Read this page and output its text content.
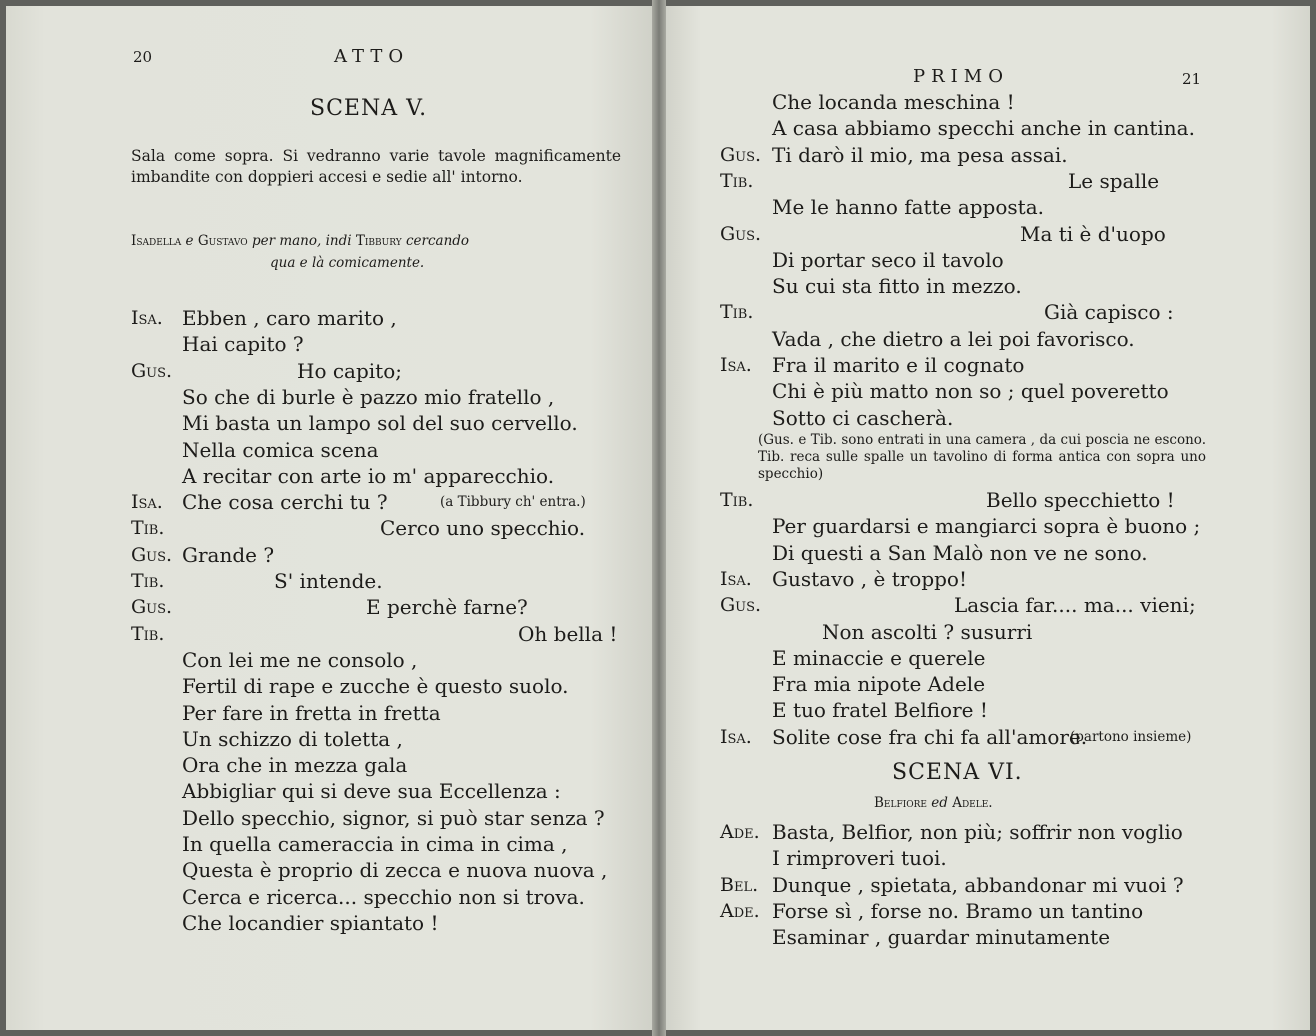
20	ATTO
SCENA V.
Sala come sopra. Si vedranno varie tavole magnificamente imbandite con doppieri accesi e sedie all' intorno.
Isadella e Gustavo per mano, indi Tibbury cercando
qua e là comicamente.
Isa. Ebben , caro marito ,
Hai capito ?
Gus.	Ho capito;
So che di burle è pazzo mio fratello ,
Mi basta un lampo sol del suo cervello.
Nella comica scena
A recitar con arte io m' apparecchio.
Isa. Che cosa cerchi tu ?	(a Tibbury ch' entra.)
Tib.	Cerco uno specchio.
Gus. Grande ?
Tib.	S' intende.
Gus.	E perchè farne?
Tib.	Oh bella !
Con lei me ne consolo ,
Fertil di rape e zucche è questo suolo.
Per fare in fretta in fretta
Un schizzo di toletta ,
Ora che in mezza gala
Abbigliar qui si deve sua Eccellenza :
Dello specchio, signor, si può star senza ?
In quella cameraccia in cima in cima ,
Questa è proprio di zecca e nuova nuova ,
Cerca e ricerca... specchio non si trova.
Che locandier spiantato !
PRIMO	21
Che locanda meschina !
A casa abbiamo specchi anche in cantina.
Gus. Ti darò il mio, ma pesa assai.
Tib.	Le spalle
Me le hanno fatte apposta.
Gus.	Ma ti è d'uopo
Di portar seco il tavolo
Su cui sta fitto in mezzo.
Tib.	Già capisco :
Vada , che dietro a lei poi favorisco.
Isa. Fra il marito e il cognato
Chi è più matto non so ; quel poveretto
Sotto ci cascherà.
(Gus. e Tib. sono entrati in una camera , da cui poscia ne escono. Tib. reca sulle spalle un tavolino di forma antica con sopra uno specchio)
Tib.	Bello specchietto !
Per guardarsi e mangiarci sopra è buono ;
Di questi a San Malò non ve ne sono.
Isa. Gustavo , è troppo!
Gus.	Lascia far.... ma... vieni;
Non ascolti ? susurri
E minaccie e querele
Fra mia nipote Adele
E tuo fratel Belfiore !
Isa. Solite cose fra chi fa all'amore.
(partono insieme)
SCENA VI.
Belfiore ed Adele.
Ade. Basta, Belfior, non più; soffrir non voglio
I rimproveri tuoi.
Bel. Dunque , spietata, abbandonar mi vuoi ?
Ade. Forse sì , forse no. Bramo un tantino
Esaminar , guardar minutamente
